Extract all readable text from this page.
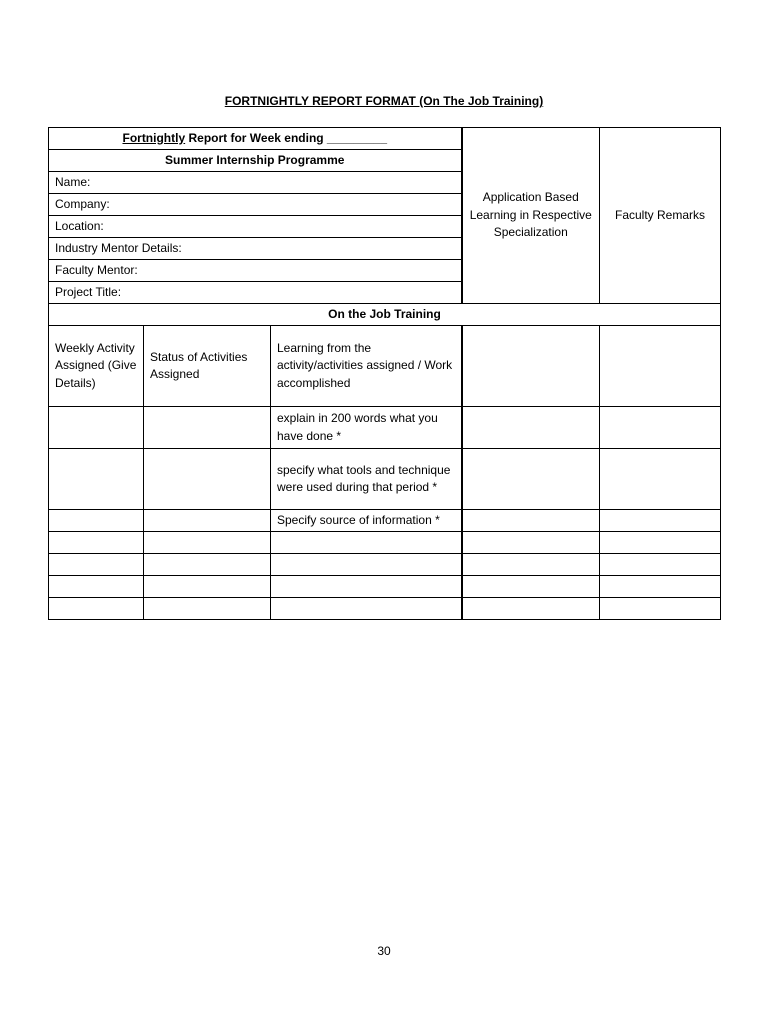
FORTNIGHTLY REPORT FORMAT (On The Job Training)
Fortnightly Report for Week ending _________			Application Based Learning in Respective Specialization	Faculty Remarks
Summer Internship Programme				
Name:				
Company:				
Location:				
Industry Mentor Details:				
Faculty Mentor:				
Project Title:				
On the Job Training				
Weekly Activity Assigned (Give Details)	Status of Activities Assigned	Learning from the activity/activities assigned / Work accomplished		
		explain in 200 words what you have done *		
		specify what tools and technique were used during that period *		
		Specify source of information *		

30
